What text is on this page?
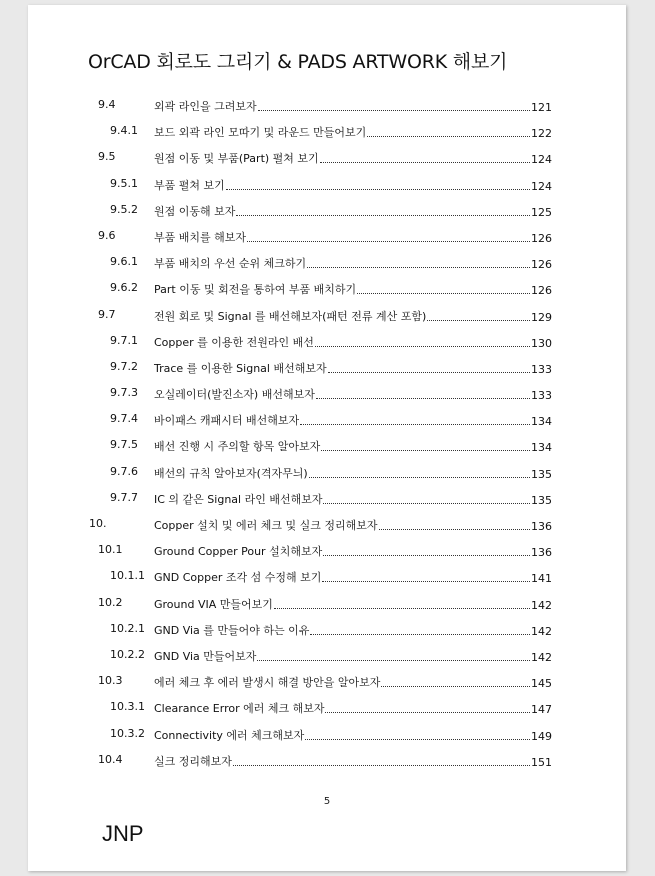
OrCAD 회로도 그리기 & PADS ARTWORK 해보기
9.4	외곽 라인을 그려보자	121
9.4.1 보드 외곽 라인 모따기 및 라운드 만들어보기	122
9.5	원점 이동 및 부품(Part) 펼쳐 보기	124
9.5.1 부품 펼쳐 보기	124
9.5.2 원점 이동해 보자	125
9.6	부품 배치를 해보자	126
9.6.1 부품 배치의 우선 순위 체크하기	126
9.6.2 Part 이동 및 회전을 통하여 부품 배치하기	126
9.7	전원 회로 및 Signal 를 배선해보자(패턴 전류 계산 포함)	129
9.7.1 Copper 를 이용한 전원라인 배선	130
9.7.2 Trace 를 이용한 Signal 배선해보자	133
9.7.3 오실레이터(발진소자) 배선해보자	133
9.7.4 바이패스 캐패시터 배선해보자	134
9.7.5 배선 진행 시 주의할 항목 알아보자	134
9.7.6 배선의 규칙 알아보자(격자무늬)	135
9.7.7 IC 의 같은 Signal 라인 배선해보자	135
10.	Copper 설치 및 에러 체크 및 실크 정리해보자	136
10.1	Ground Copper Pour 설치해보자	136
10.1.1 GND Copper 조각 섬 수정해 보기	141
10.2	Ground VIA 만들어보기	142
10.2.1 GND Via 를 만들어야 하는 이유	142
10.2.2 GND Via 만들어보자	142
10.3	에러 체크 후 에러 발생시 해결 방안을 알아보자	145
10.3.1 Clearance Error 에러 체크 해보자	147
10.3.2 Connectivity 에러 체크해보자	149
10.4	실크 정리해보자	151
5
JNP
